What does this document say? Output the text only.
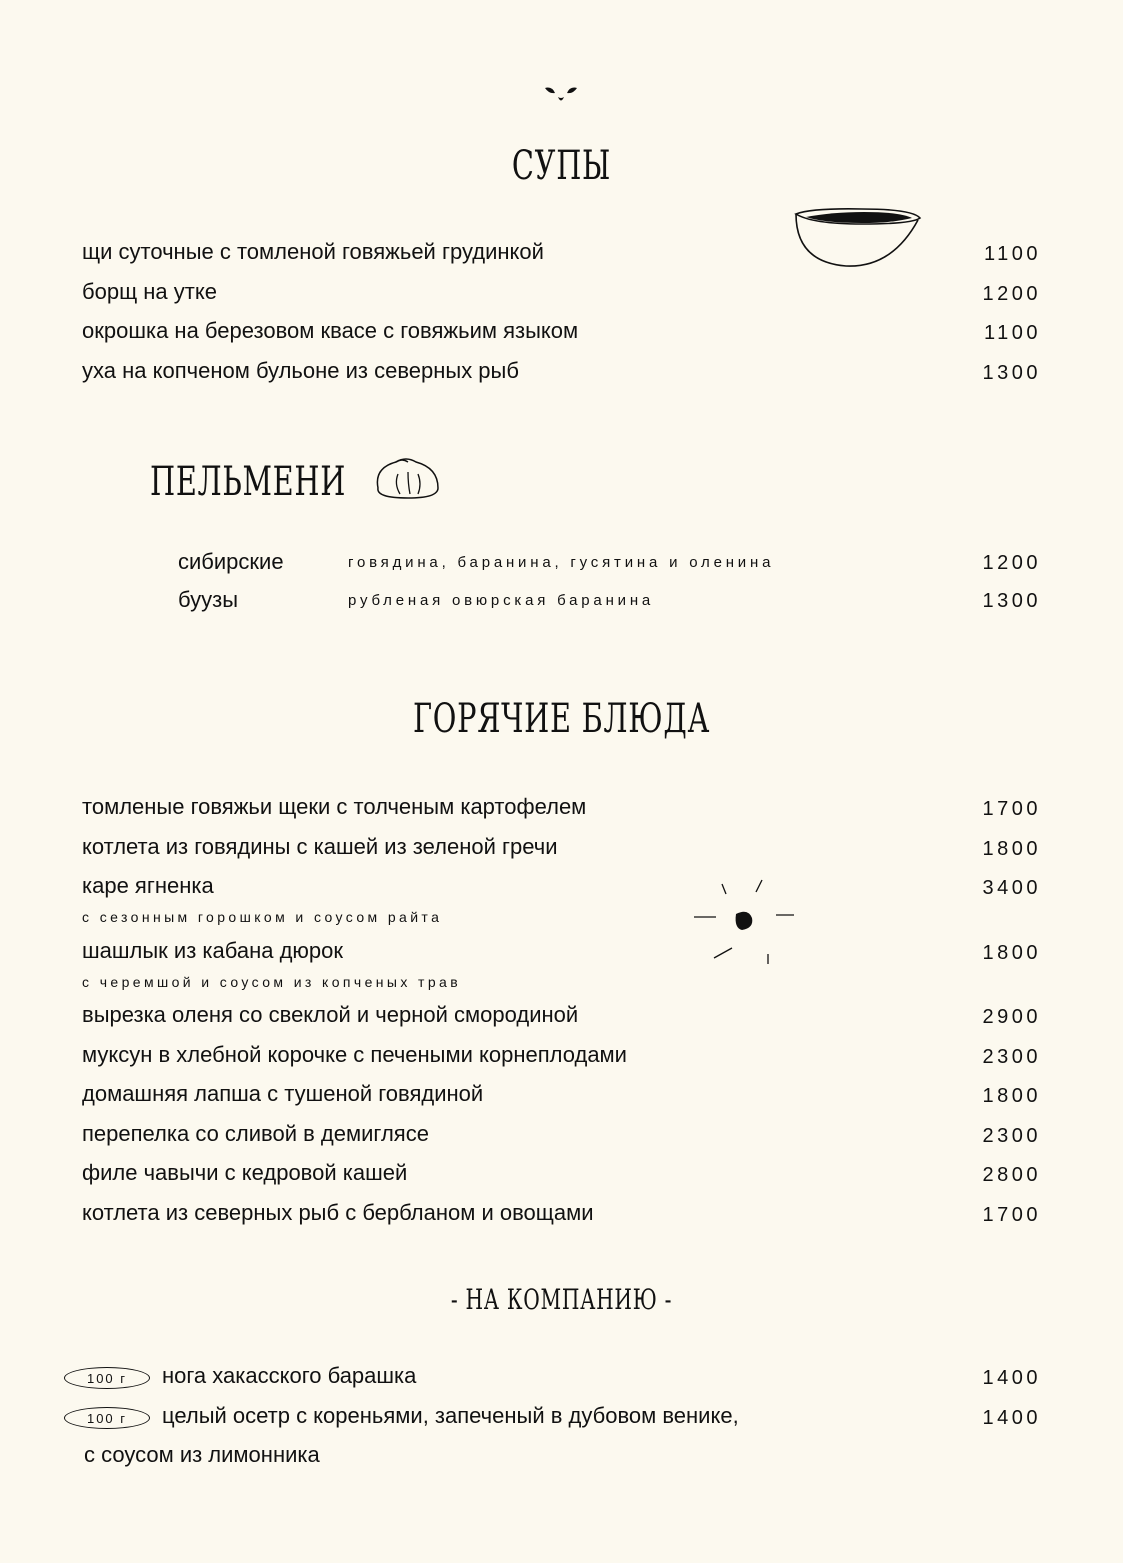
СУПЫ
щи суточные с томленой говяжьей грудинкой	1100
борщ на утке	1200
окрошка на березовом квасе с говяжьим языком	1100
уха на копченом бульоне из северных рыб	1300
ПЕЛЬМЕНИ
сибирские	говядина, баранина, гусятина и оленина	1200
буузы	рубленая овюрская баранина	1300
ГОРЯЧИЕ БЛЮДА
томленые говяжьи щеки с толченым картофелем	1700
котлета из говядины с кашей из зеленой гречи	1800
каре ягненка	3400
с сезонным горошком и соусом райта
шашлык из кабана дюрок	1800
с черемшой и соусом из копченых трав
вырезка оленя со свеклой и черной смородиной	2900
муксун в хлебной корочке с печеными корнеплодами	2300
домашняя лапша с тушеной говядиной	1800
перепелка со сливой в демиглясе	2300
филе чавычи с кедровой кашей	2800
котлета из северных рыб с бербланом и овощами	1700
- НА КОМПАНИЮ -
100 г	нога хакасского барашка	1400
100 г	целый осетр с кореньями, запеченый в дубовом венике,	1400
с соусом из лимонника
